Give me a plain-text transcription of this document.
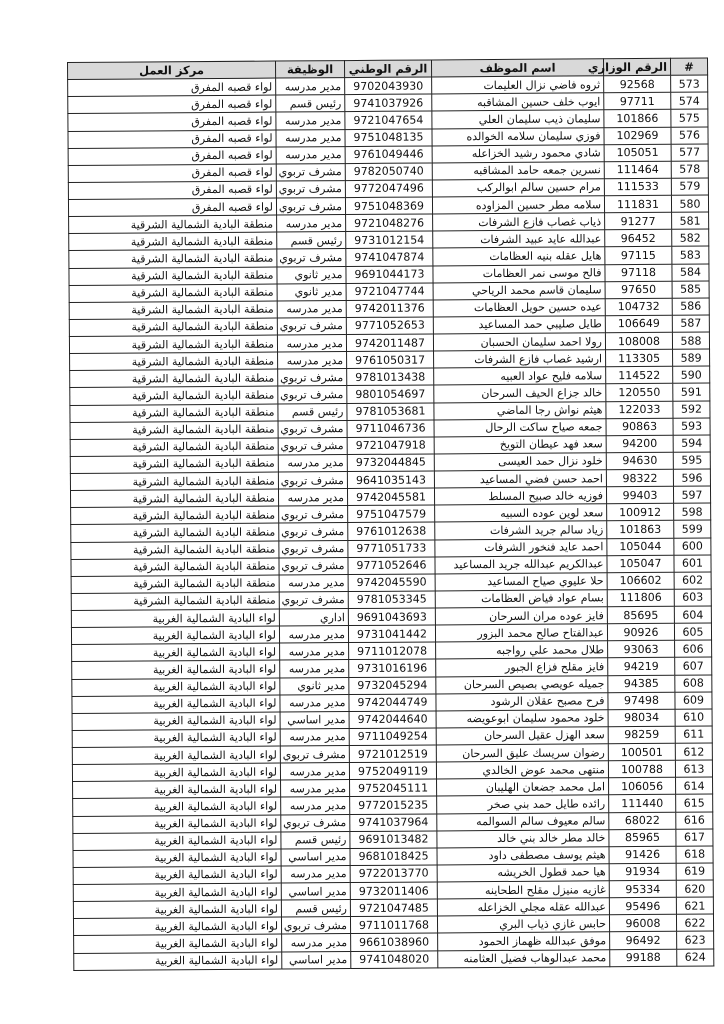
#	الرقم الوزاري	اسم الموظف	الرقم الوطني	الوظيفة	مركز العمل
573	92568	ثروه فاضي نزال العليمات	9702043930	مدير مدرسه	لواء قصبه المفرق
574	97711	ايوب خلف حسين المشاقبه	9741037926	رئيس قسم	لواء قصبه المفرق
575	101866	سليمان ذيب سليمان العلي	9721047654	مدير مدرسه	لواء قصبه المفرق
576	102969	فوزي سليمان سلامه الخوالده	9751048135	مدير مدرسه	لواء قصبه المفرق
577	105051	شادي محمود رشيد الخزاعله	9761049446	مدير مدرسه	لواء قصبه المفرق
578	111464	نسرين جمعه حامد المشاقبه	9782050740	مشرف تربوي	لواء قصبه المفرق
579	111533	مرام حسين سالم ابوالركب	9772047496	مشرف تربوي	لواء قصبه المفرق
580	111831	سلامه مطر حسين المزاوده	9751048369	مشرف تربوي	لواء قصبه المفرق
581	91277	ذياب غصاب فازع الشرفات	9721048276	مدير مدرسه	منطقة البادية الشمالية الشرقية
582	96452	عبدالله عايد عبيد الشرفات	9731012154	رئيس قسم	منطقة البادية الشمالية الشرقية
583	97115	هايل عقله بنيه العظامات	9741047874	مشرف تربوي	منطقة البادية الشمالية الشرقية
584	97118	فالح موسى نمر العظامات	9691044173	مدير ثانوي	منطقة البادية الشمالية الشرقية
585	97650	سليمان قاسم محمد الرياحي	9721047744	مدير ثانوي	منطقة البادية الشمالية الشرقية
586	104732	عيده حسين حويل العظامات	9742011376	مدير مدرسه	منطقة البادية الشمالية الشرقية
587	106649	طايل صليبي حمد المساعيد	9771052653	مشرف تربوي	منطقة البادية الشمالية الشرقية
588	108008	رولا احمد سليمان الحسبان	9742011487	مدير مدرسه	منطقة البادية الشمالية الشرقية
589	113305	ارشيد غصاب فازع الشرفات	9761050317	مدير مدرسه	منطقة البادية الشمالية الشرقية
590	114522	سلامه فليح عواد العبيه	9781013438	مشرف تربوي	منطقة البادية الشمالية الشرقية
591	120550	خالد جزاع الحيف السرحان	9801054697	مشرف تربوي	منطقة البادية الشمالية الشرقية
592	122033	هيثم نواش رجا الماضي	9781053681	رئيس قسم	منطقة البادية الشمالية الشرقية
593	90863	جمعه صياح ساكت الرحال	9711046736	مشرف تربوي	منطقة البادية الشمالية الشرقية
594	94200	سعد فهد عيطان التويخ	9721047918	مشرف تربوي	منطقة البادية الشمالية الشرقية
595	94630	خلود نزال حمد العيسى	9732044845	مدير مدرسه	منطقة البادية الشمالية الشرقية
596	98322	احمد حسن فضي المساعيد	9641035143	مشرف تربوي	منطقة البادية الشمالية الشرقية
597	99403	فوزيه خالد صبيح المسلط	9742045581	مدير مدرسه	منطقة البادية الشمالية الشرقية
598	100912	سعد لوين عوده السبيه	9751047579	مشرف تربوي	منطقة البادية الشمالية الشرقية
599	101863	زياد سالم جريد الشرفات	9761012638	مشرف تربوي	منطقة البادية الشمالية الشرقية
600	105044	احمد عايد فنخور الشرفات	9771051733	مشرف تربوي	منطقة البادية الشمالية الشرقية
601	105047	عبدالكريم عبدالله جريد المساعيد	9771052646	مشرف تربوي	منطقة البادية الشمالية الشرقية
602	106602	حلا عليوي صياح المساعيد	9742045590	مدير مدرسه	منطقة البادية الشمالية الشرقية
603	111806	بسام عواد فياض العظامات	9781053345	مشرف تربوي	منطقة البادية الشمالية الشرقية
604	85695	فايز عوده مران السرحان	9691043693	اداري	لواء البادية الشمالية الغربية
605	90926	عبدالفتاح صالح محمد البزور	9731041442	مدير مدرسه	لواء البادية الشمالية الغربية
606	93063	طلال محمد علي رواجبه	9711012078	مدير مدرسه	لواء البادية الشمالية الغربية
607	94219	فايز مقلح فزاع الجبور	9731016196	مدير مدرسه	لواء البادية الشمالية الغربية
608	94385	جميله عويصي بصيص السرحان	9732045294	مدير ثانوي	لواء البادية الشمالية الغربية
609	97498	فرح مصبح عقلان الرشود	9742044749	مدير مدرسه	لواء البادية الشمالية الغربية
610	98034	خلود محمود سليمان ابوعويضه	9742044640	مدير اساسي	لواء البادية الشمالية الغربية
611	98259	سعد الهزل عقيل السرحان	9711049254	مدير مدرسه	لواء البادية الشمالية الغربية
612	100501	رضوان سريسك عليق السرحان	9721012519	مشرف تربوي	لواء البادية الشمالية الغربية
613	100788	منتهى محمد عوض الخالدي	9752049119	مدير مدرسه	لواء البادية الشمالية الغربية
614	106056	امل محمد جضعان الهليبان	9752045111	مدير مدرسه	لواء البادية الشمالية الغربية
615	111440	رائده طايل حمد بني صخر	9772015235	مدير مدرسه	لواء البادية الشمالية الغربية
616	68022	سالم معيوف سالم السوالمه	9741037964	مشرف تربوي	لواء البادية الشمالية الغربية
617	85965	خالد مطر خالد بني خالد	9691013482	رئيس قسم	لواء البادية الشمالية الغربية
618	91426	هيثم يوسف مصطفى داود	9681018425	مدير اساسي	لواء البادية الشمالية الغربية
619	91934	هيا حمد قطول الخريشه	9722013770	مدير مدرسه	لواء البادية الشمالية الغربية
620	95334	غازيه منيزل مقلح الطحاينه	9732011406	مدير اساسي	لواء البادية الشمالية الغربية
621	95496	عبدالله عقله مجلي الخزاعله	9721047485	رئيس قسم	لواء البادية الشمالية الغربية
622	96008	حابس غازي ذياب البري	9711011768	مشرف تربوي	لواء البادية الشمالية الغربية
623	96492	موفق عبدالله ظهماز الحمود	9661038960	مدير مدرسه	لواء البادية الشمالية الغربية
624	99188	محمد عبدالوهاب فضيل العثامنه	9741048020	مدير اساسي	لواء البادية الشمالية الغربية
